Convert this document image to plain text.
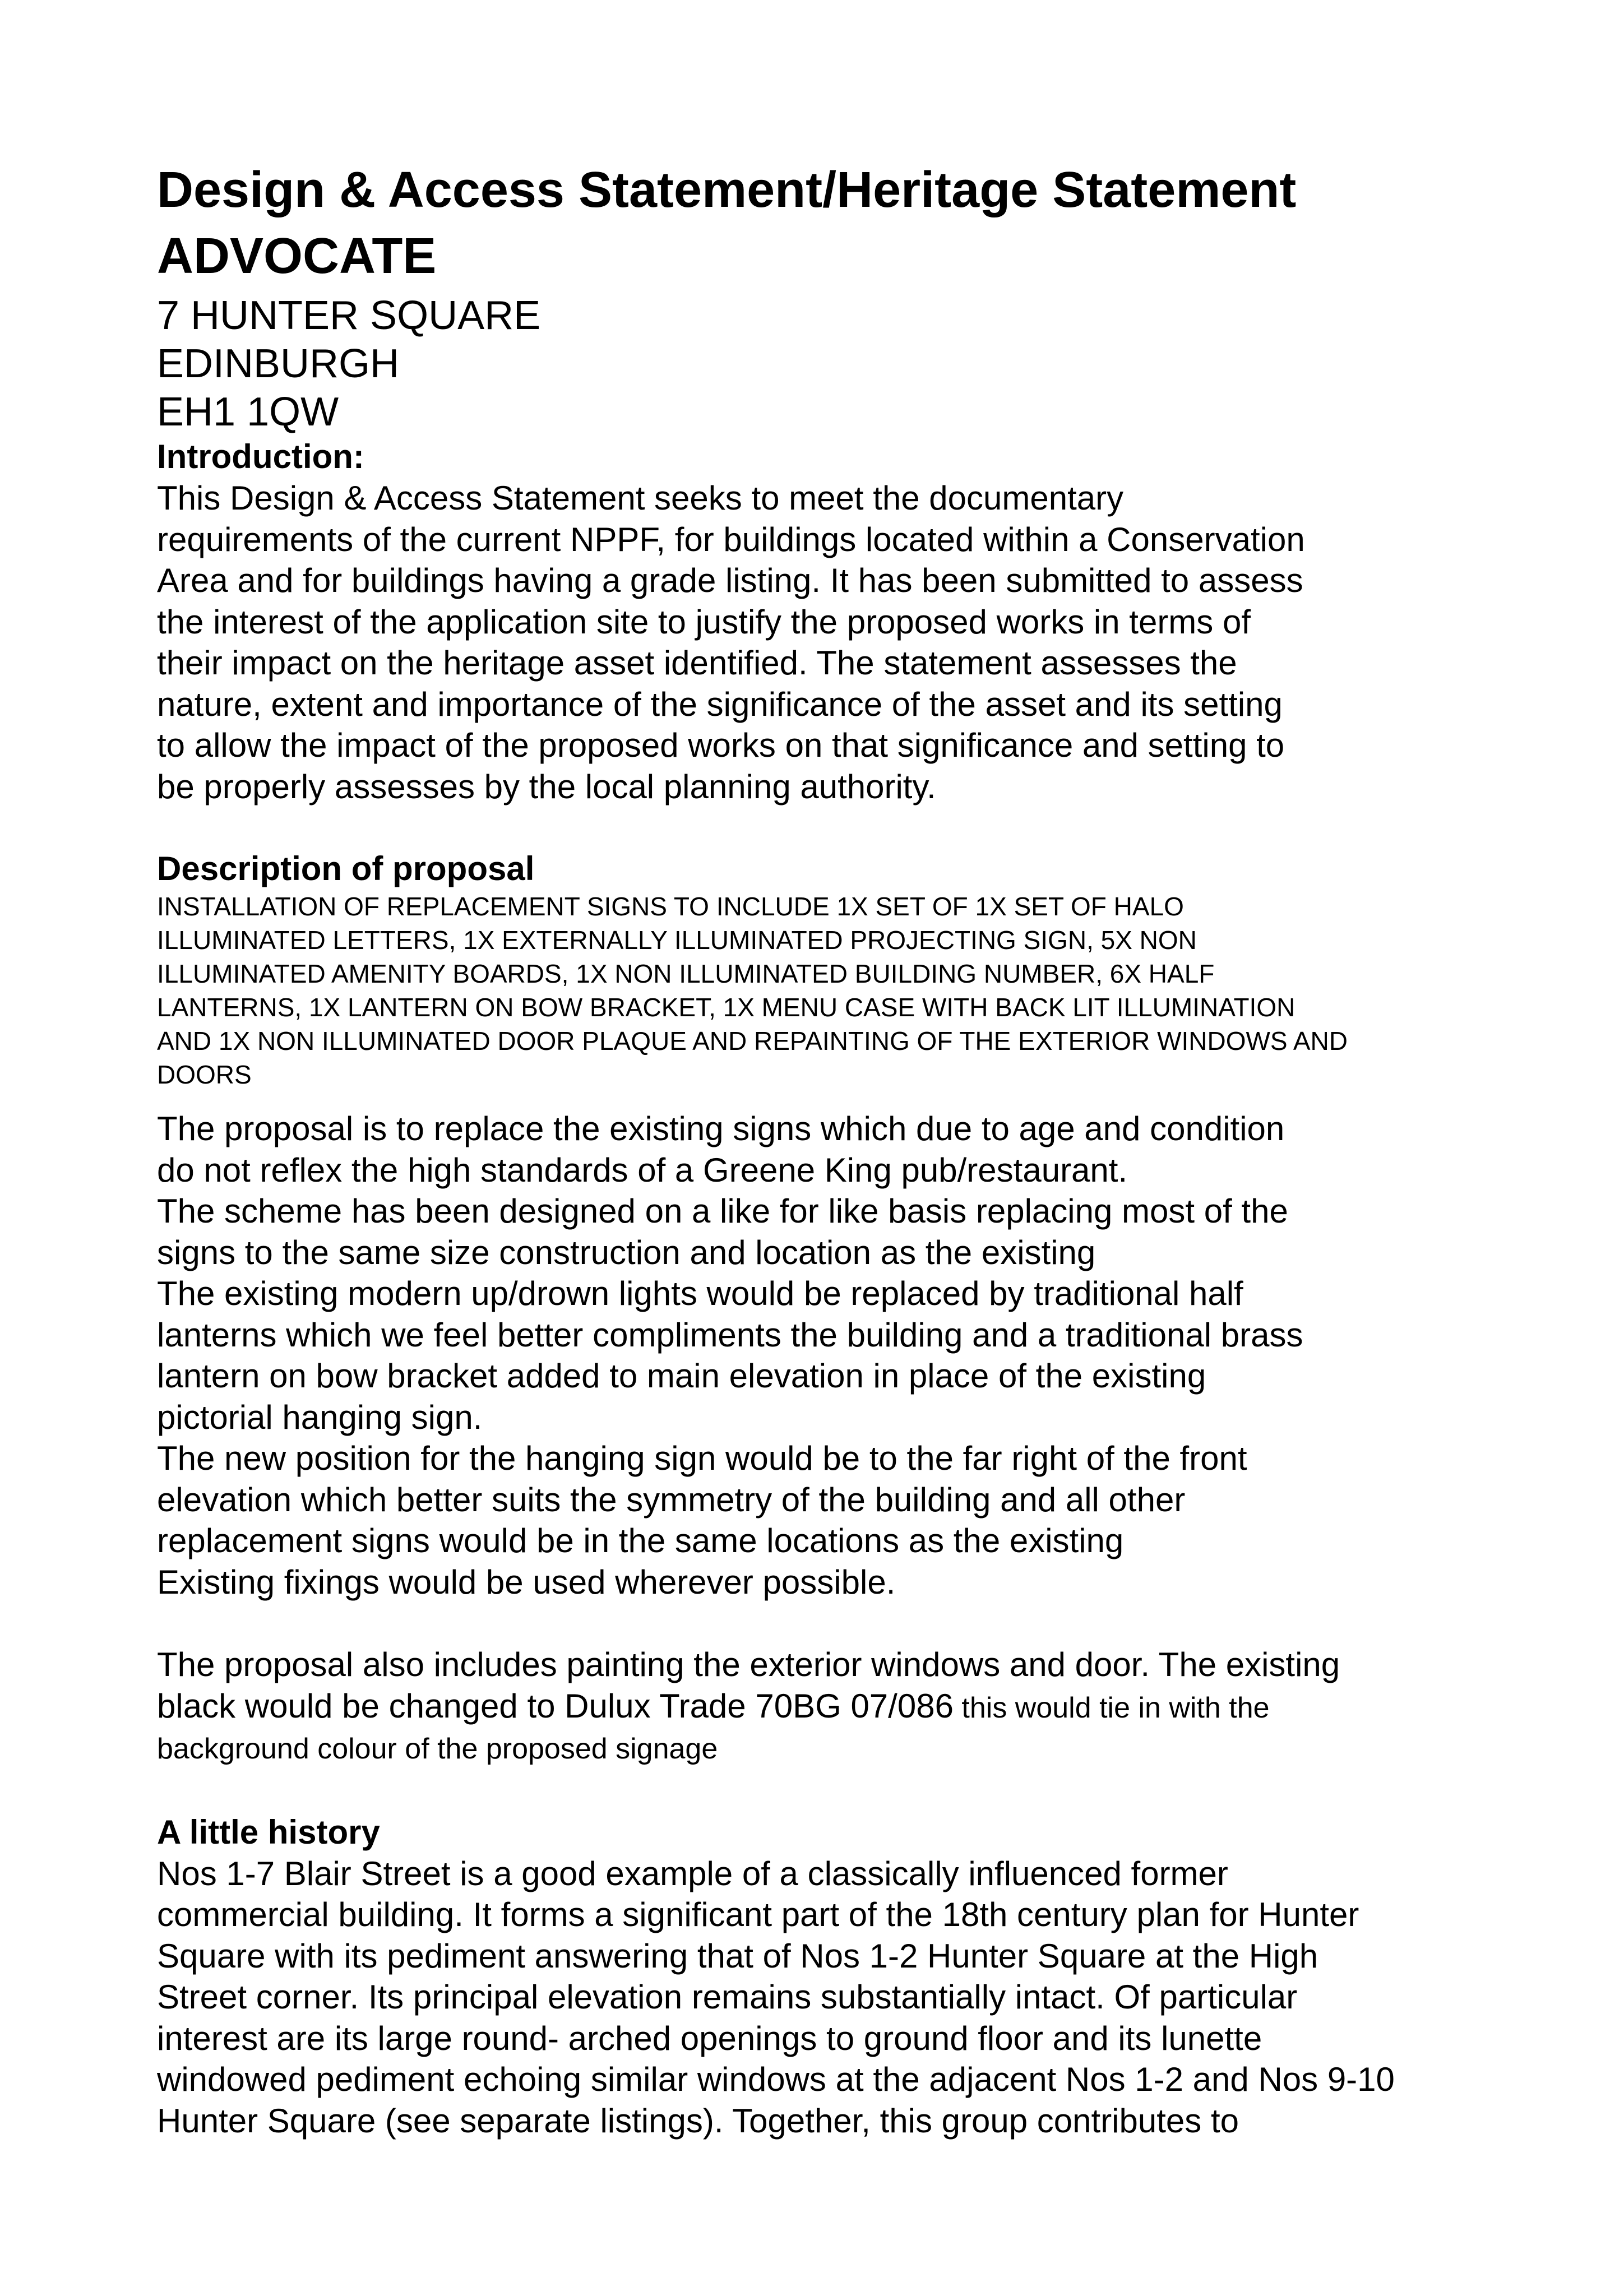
Design & Access Statement/Heritage Statement

ADVOCATE

7 HUNTER SQUARE

EDINBURGH

EH1 1QW

Introduction:

This Design & Access Statement seeks to meet the documentary

requirements of the current NPPF, for buildings located within a Conservation

Area and for buildings having a grade listing. It has been submitted to assess

the interest of the application site to justify the proposed works in terms of

their impact on the heritage asset identified. The statement assesses the

nature, extent and importance of the significance of the asset and its setting

to allow the impact of the proposed works on that significance and setting to

be properly assesses by the local planning authority.

Description of proposal

INSTALLATION OF REPLACEMENT SIGNS TO INCLUDE 1X SET OF 1X SET OF HALO

ILLUMINATED LETTERS, 1X EXTERNALLY ILLUMINATED PROJECTING SIGN, 5X NON

ILLUMINATED AMENITY BOARDS, 1X NON ILLUMINATED BUILDING NUMBER, 6X HALF

LANTERNS, 1X LANTERN ON BOW BRACKET, 1X MENU CASE WITH BACK LIT ILLUMINATION

AND 1X NON ILLUMINATED DOOR PLAQUE AND REPAINTING OF THE EXTERIOR WINDOWS AND

DOORS

The proposal is to replace the existing signs which due to age and condition

do not reflex the high standards of a Greene King pub/restaurant.

The scheme has been designed on a like for like basis replacing most of the

signs to the same size construction and location as the existing

The existing modern up/drown lights would be replaced by traditional half

lanterns which we feel better compliments the building and a traditional brass

lantern on bow bracket added to main elevation in place of the existing

pictorial hanging sign.

The new position for the hanging sign would be to the far right of the front

elevation which better suits the symmetry of the building and all other

replacement signs would be in the same locations as the existing

Existing fixings would be used wherever possible.

The proposal also includes painting the exterior windows and door. The existing

black would be changed to Dulux Trade 70BG 07/086 this would tie in with the

background colour of the proposed signage

A little history

Nos 1-7 Blair Street is a good example of a classically influenced former

commercial building. It forms a significant part of the 18th century plan for Hunter

Square with its pediment answering that of Nos 1-2 Hunter Square at the High

Street corner. Its principal elevation remains substantially intact. Of particular

interest are its large round- arched openings to ground floor and its lunette

windowed pediment echoing similar windows at the adjacent Nos 1-2 and Nos 9-10

Hunter Square (see separate listings). Together, this group contributes to
